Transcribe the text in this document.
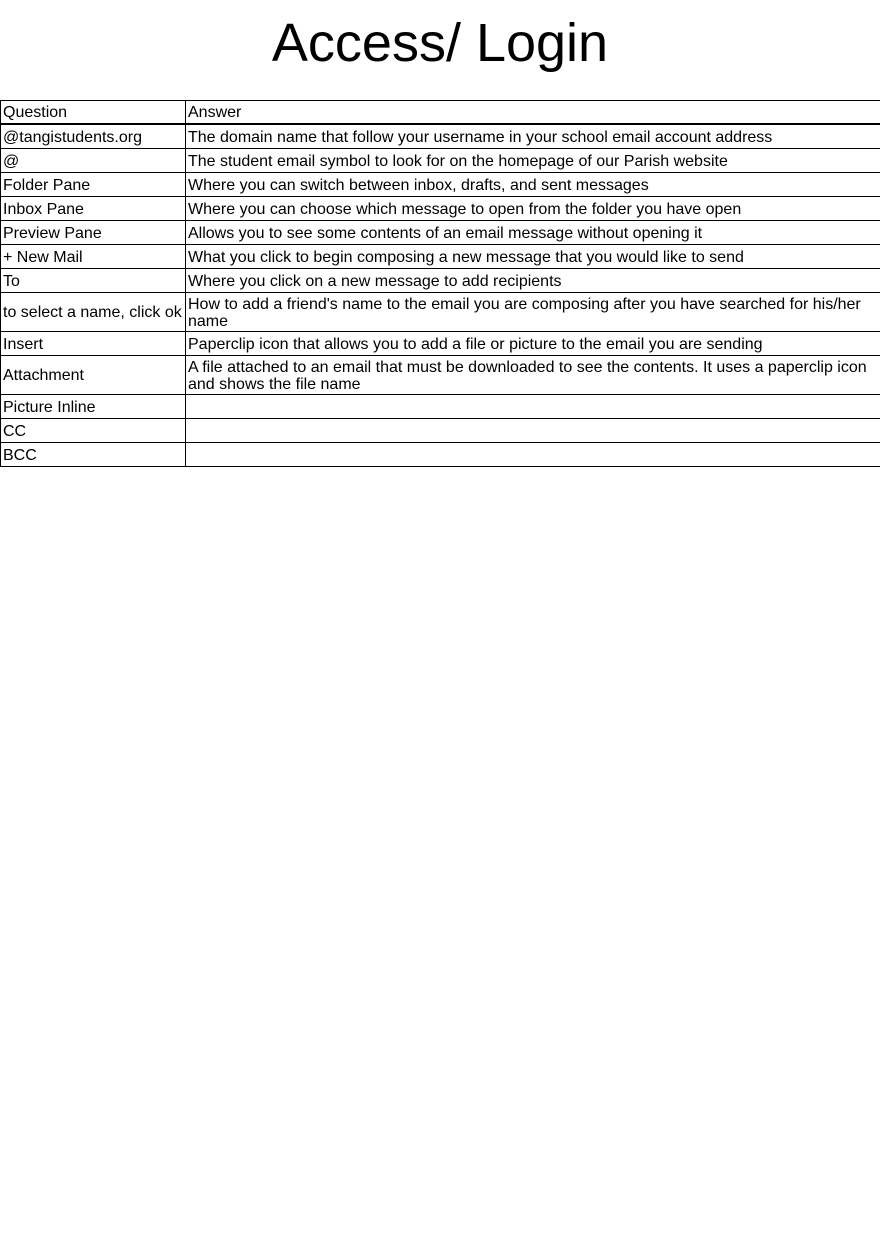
Access/ Login
Question	Answer

@tangistudents.org	The domain name that follow your username in your school email account address
@	The student email symbol to look for on the homepage of our Parish website
Folder Pane	Where you can switch between inbox, drafts, and sent messages
Inbox Pane	Where you can choose which message to open from the folder you have open
Preview Pane	Allows you to see some contents of an email message without opening it
+ New Mail	What you click to begin composing a new message that you would like to send
To	Where you click on a new message to add recipients
to select a name, click ok	How to add a friend's name to the email you are composing after you have searched for his/her name
Insert	Paperclip icon that allows you to add a file or picture to the email you are sending
Attachment	A file attached to an email that must be downloaded to see the contents. It uses a paperclip icon and shows the file name
Picture Inline	
CC	
BCC	
